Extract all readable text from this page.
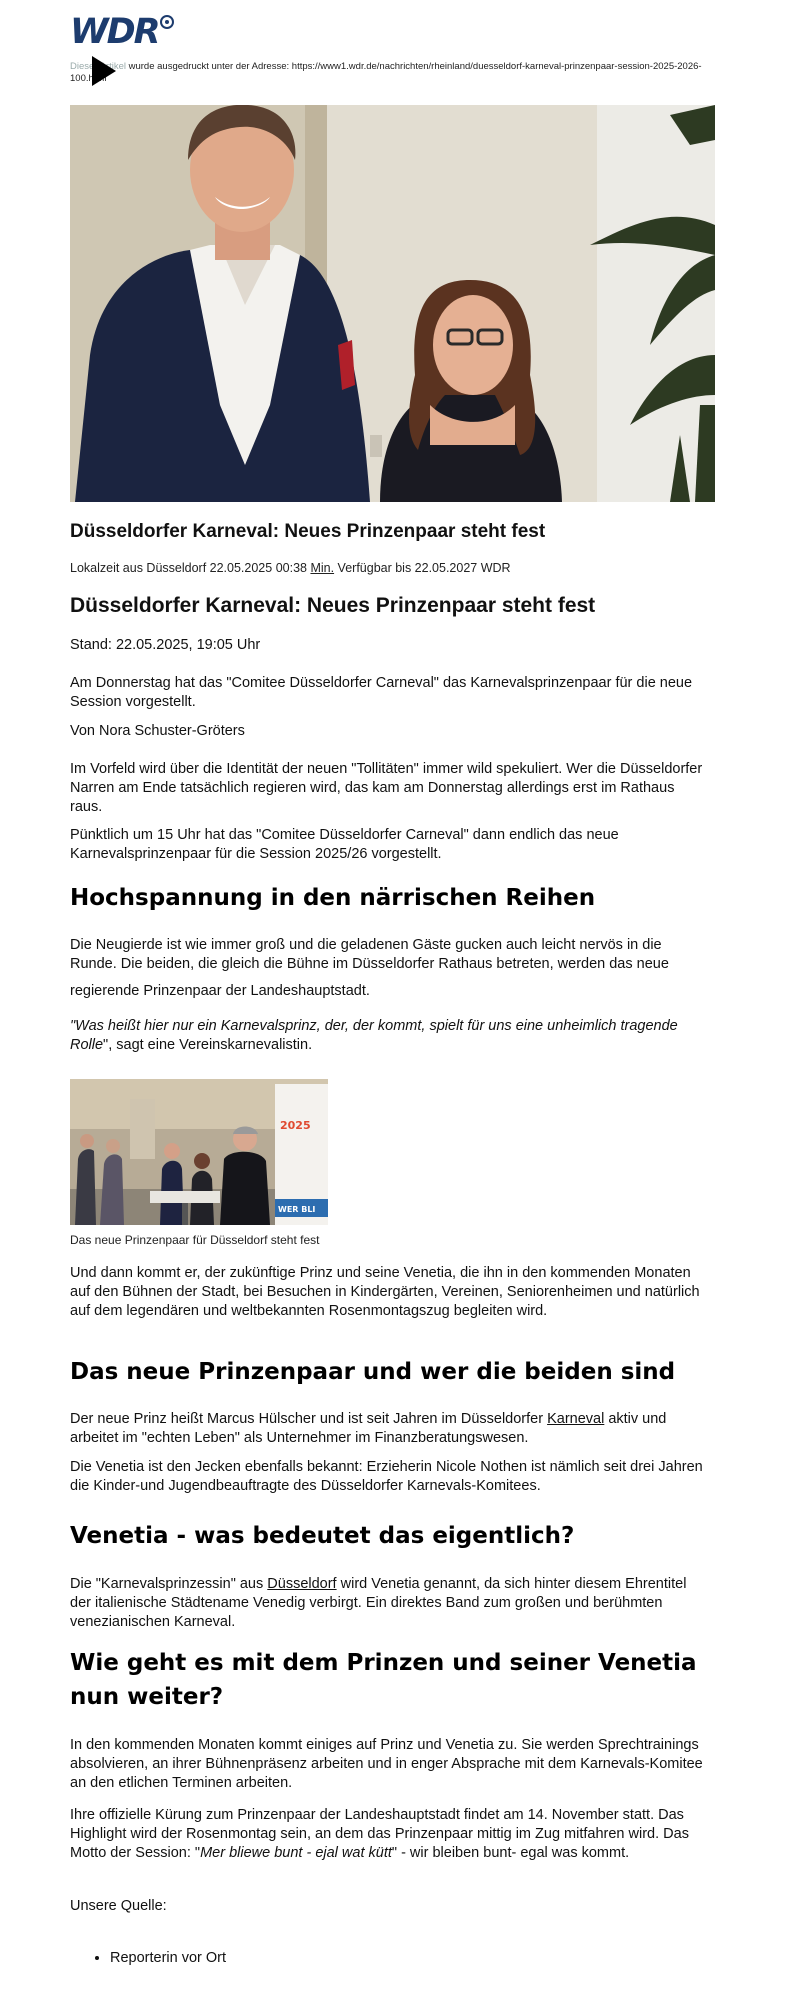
WDR
Dieser Artikel wurde ausgedruckt unter der Adresse: https://www1.wdr.de/nachrichten/rheinland/duesseldorf-karneval-prinzenpaar-session-2025-2026-100.html
Düsseldorfer Karneval: Neues Prinzenpaar steht fest
Lokalzeit aus Düsseldorf 22.05.2025 00:38 Min. Verfügbar bis 22.05.2027 WDR
Düsseldorfer Karneval: Neues Prinzenpaar steht fest
Stand: 22.05.2025, 19:05 Uhr
Am Donnerstag hat das "Comitee Düsseldorfer Carneval" das Karnevalsprinzenpaar für die neue Session vorgestellt.
Von Nora Schuster-Gröters
Im Vorfeld wird über die Identität der neuen "Tollitäten" immer wild spekuliert. Wer die Düsseldorfer Narren am Ende tatsächlich regieren wird, das kam am Donnerstag allerdings erst im Rathaus raus.
Pünktlich um 15 Uhr hat das "Comitee Düsseldorfer Carneval" dann endlich das neue Karnevalsprinzenpaar für die Session 2025/26 vorgestellt.
Hochspannung in den närrischen Reihen
Die Neugierde ist wie immer groß und die geladenen Gäste gucken auch leicht nervös in die Runde. Die beiden, die gleich die Bühne im Düsseldorfer Rathaus betreten, werden das neue
regierende Prinzenpaar der Landeshauptstadt.
"Was heißt hier nur ein Karnevalsprinz, der, der kommt, spielt für uns eine unheimlich tragende Rolle", sagt eine Vereinskarnevalistin.
2025
WER BLI
Das neue Prinzenpaar für Düsseldorf steht fest
Und dann kommt er, der zukünftige Prinz und seine Venetia, die ihn in den kommenden Monaten auf den Bühnen der Stadt, bei Besuchen in Kindergärten, Vereinen, Seniorenheimen und natürlich auf dem legendären und weltbekannten Rosenmontagszug begleiten wird.
Das neue Prinzenpaar und wer die beiden sind
Der neue Prinz heißt Marcus Hülscher und ist seit Jahren im Düsseldorfer Karneval aktiv und arbeitet im "echten Leben" als Unternehmer im Finanzberatungswesen.
Die Venetia ist den Jecken ebenfalls bekannt: Erzieherin Nicole Nothen ist nämlich seit drei Jahren die Kinder-und Jugendbeauftragte des Düsseldorfer Karnevals-Komitees.
Venetia - was bedeutet das eigentlich?
Die "Karnevalsprinzessin" aus Düsseldorf wird Venetia genannt, da sich hinter diesem Ehrentitel der italienische Städtename Venedig verbirgt. Ein direktes Band zum großen und berühmten venezianischen Karneval.
Wie geht es mit dem Prinzen und seiner Venetia nun weiter?
In den kommenden Monaten kommt einiges auf Prinz und Venetia zu. Sie werden Sprechtrainings absolvieren, an ihrer Bühnenpräsenz arbeiten und in enger Absprache mit dem Karnevals-Komitee an den etlichen Terminen arbeiten.
Ihre offizielle Kürung zum Prinzenpaar der Landeshauptstadt findet am 14. November statt. Das Highlight wird der Rosenmontag sein, an dem das Prinzenpaar mittig im Zug mitfahren wird. Das Motto der Session: "Mer bliewe bunt - ejal wat kütt" - wir bleiben bunt- egal was kommt.
Unsere Quelle:
• Reporterin vor Ort
